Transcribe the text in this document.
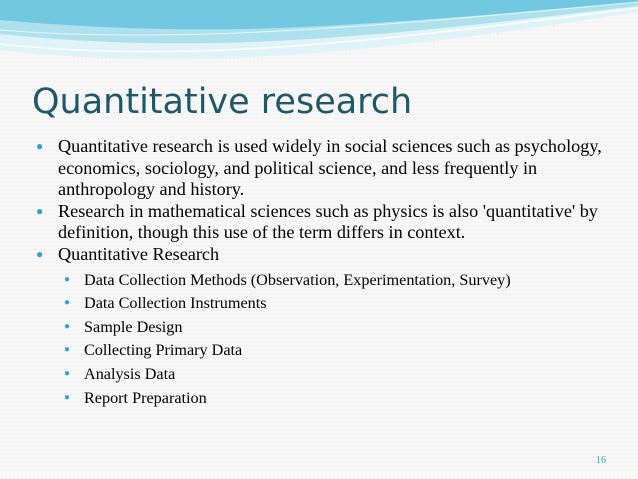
Quantitative research
● Quantitative research is used widely in social sciences such as psychology, economics, sociology, and political science, and less frequently in anthropology and history.
● Research in mathematical sciences such as physics is also 'quantitative' by definition, though this use of the term differs in context.
● Quantitative Research
● Data Collection Methods (Observation, Experimentation, Survey)
● Data Collection Instruments
● Sample Design
● Collecting Primary Data
● Analysis Data
● Report Preparation
16
